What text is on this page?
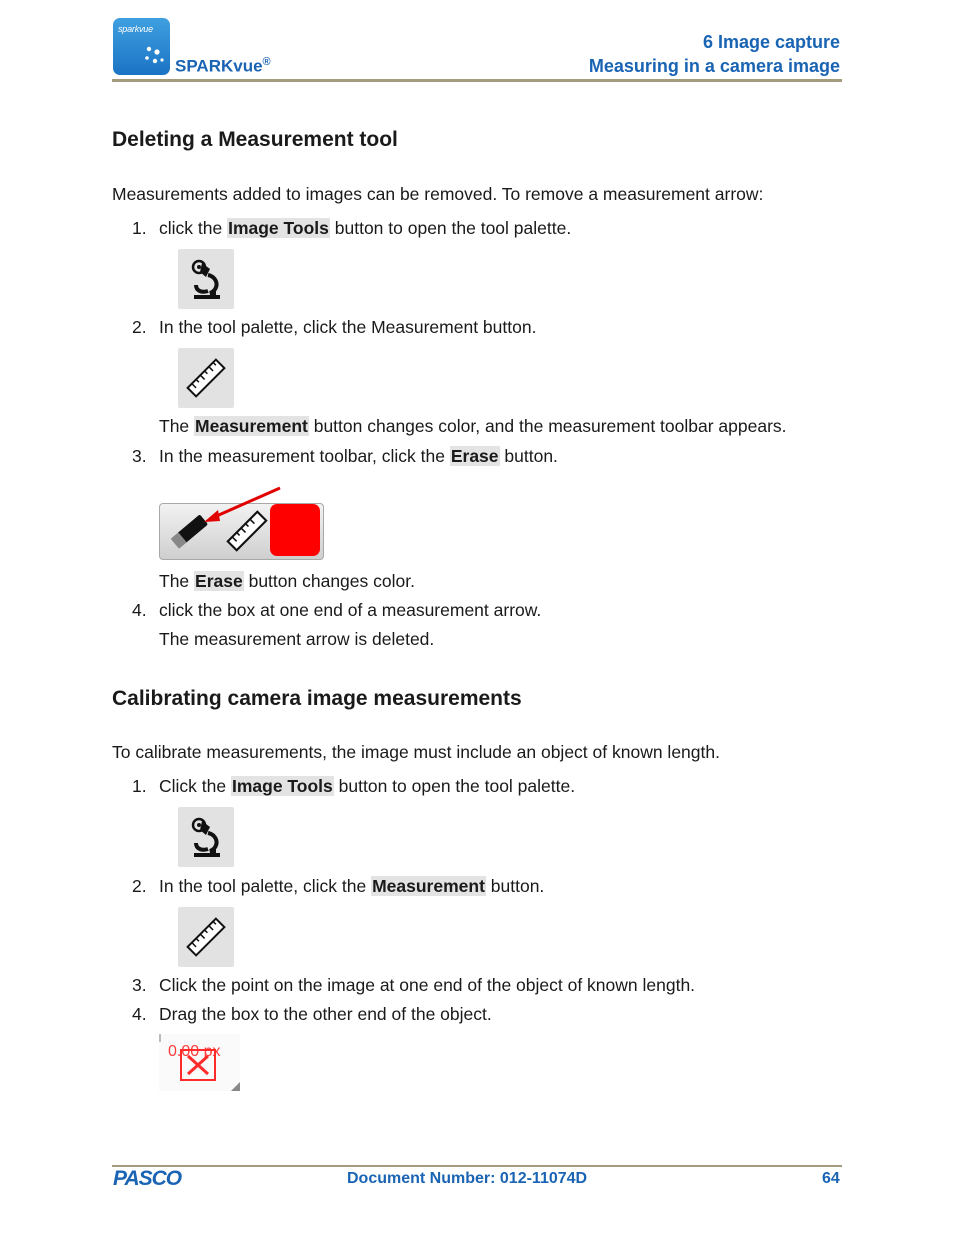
sparkvue
SPARKvue®
6 Image capture
Measuring in a camera image
Deleting a Measurement tool
Measurements added to images can be removed. To remove a measurement arrow:
1. click the Image Tools button to open the tool palette.
2. In the tool palette, click the Measurement button.
The Measurement button changes color, and the measurement toolbar appears.
3. In the measurement toolbar, click the Erase button.
The Erase button changes color.
4. click the box at one end of a measurement arrow.
The measurement arrow is deleted.
Calibrating camera image measurements
To calibrate measurements, the image must include an object of known length.
1. Click the Image Tools button to open the tool palette.
2. In the tool palette, click the Measurement button.
3. Click the point on the image at one end of the object of known length.
4. Drag the box to the other end of the object.
0.00 px
PASCO	Document Number: 012-11074D	64
